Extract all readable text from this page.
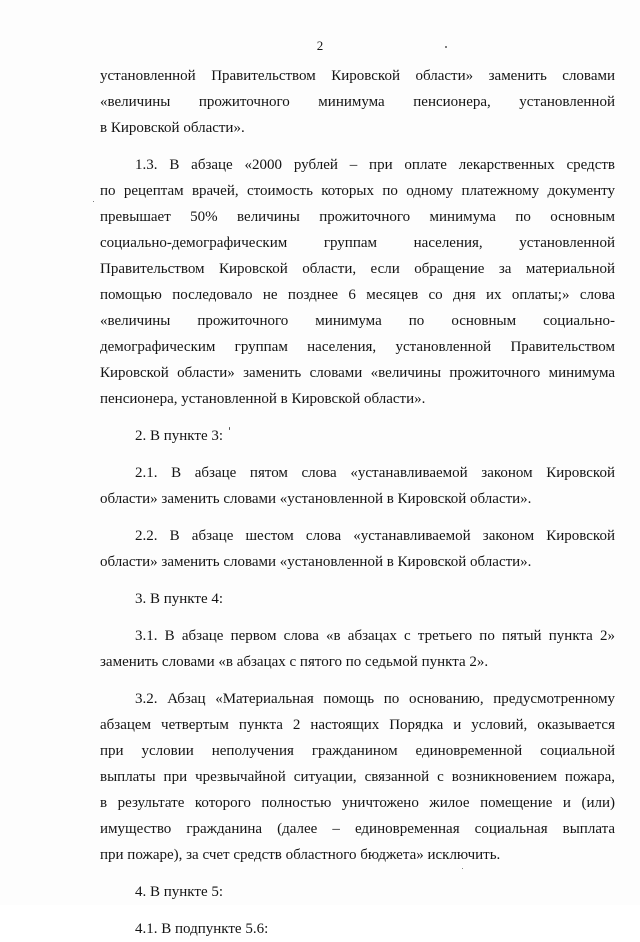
2
установленной Правительством Кировской области» заменить словами
«величины прожиточного минимума пенсионера, установленной
в Кировской области».
1.3. В абзаце «2000 рублей – при оплате лекарственных средств
по рецептам врачей, стоимость которых по одному платежному документу
превышает 50% величины прожиточного минимума по основным
социально-демографическим группам населения, установленной
Правительством Кировской области, если обращение за материальной
помощью последовало не позднее 6 месяцев со дня их оплаты;» слова
«величины прожиточного минимума по основным социально-
демографическим группам населения, установленной Правительством
Кировской области» заменить словами «величины прожиточного минимума
пенсионера, установленной в Кировской области».
2. В пункте 3:
2.1. В абзаце пятом слова «устанавливаемой законом Кировской
области» заменить словами «установленной в Кировской области».
2.2. В абзаце шестом слова «устанавливаемой законом Кировской
области» заменить словами «установленной в Кировской области».
3. В пункте 4:
3.1. В абзаце первом слова «в абзацах с третьего по пятый пункта 2»
заменить словами «в абзацах с пятого по седьмой пункта 2».
3.2. Абзац «Материальная помощь по основанию, предусмотренному
абзацем четвертым пункта 2 настоящих Порядка и условий, оказывается
при условии неполучения гражданином единовременной социальной
выплаты при чрезвычайной ситуации, связанной с возникновением пожара,
в результате которого полностью уничтожено жилое помещение и (или)
имущество гражданина (далее – единовременная социальная выплата
при пожаре), за счет средств областного бюджета» исключить.
4. В пункте 5:
4.1. В подпункте 5.6:
